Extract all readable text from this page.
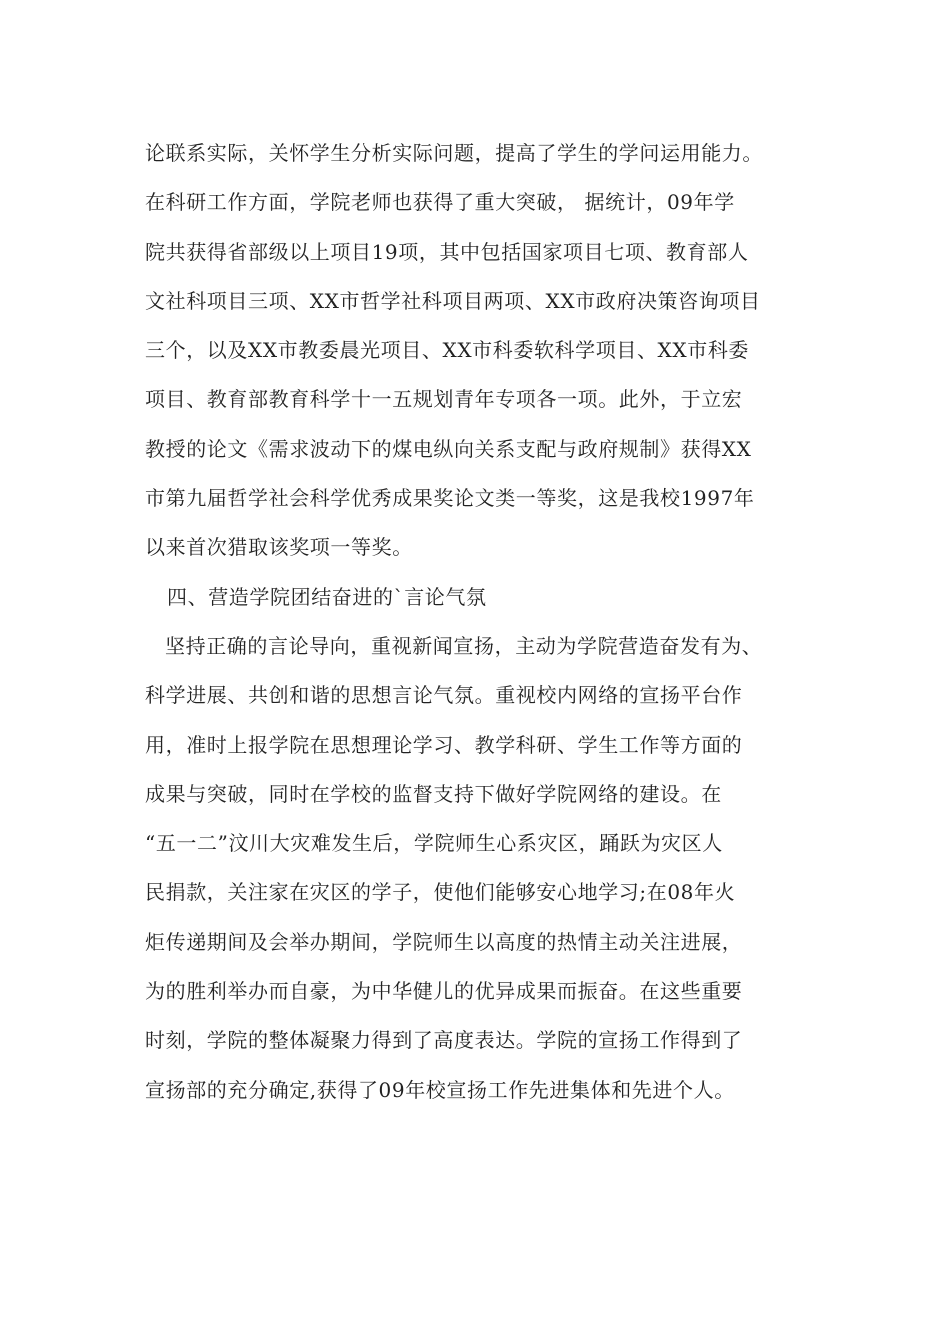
论联系实际，关怀学生分析实际问题，提高了学生的学问运用能力。
在科研工作方面，学院老师也获得了重大突破， 据统计，09年学
院共获得省部级以上项目19项，其中包括国家项目七项、教育部人
文社科项目三项、XX市哲学社科项目两项、XX市政府决策咨询项目
三个，以及XX市教委晨光项目、XX市科委软科学项目、XX市科委
项目、教育部教育科学十一五规划青年专项各一项。此外，于立宏
教授的论文《需求波动下的煤电纵向关系支配与政府规制》获得XX
市第九届哲学社会科学优秀成果奖论文类一等奖，这是我校1997年
以来首次猎取该奖项一等奖。
四、营造学院团结奋进的`言论气氛
坚持正确的言论导向，重视新闻宣扬，主动为学院营造奋发有为、
科学进展、共创和谐的思想言论气氛。重视校内网络的宣扬平台作
用，准时上报学院在思想理论学习、教学科研、学生工作等方面的
成果与突破，同时在学校的监督支持下做好学院网络的建设。在
“五一二”汶川大灾难发生后，学院师生心系灾区，踊跃为灾区人
民捐款，关注家在灾区的学子，使他们能够安心地学习;在08年火
炬传递期间及会举办期间，学院师生以高度的热情主动关注进展，
为的胜利举办而自豪，为中华健儿的优异成果而振奋。在这些重要
时刻，学院的整体凝聚力得到了高度表达。学院的宣扬工作得到了
宣扬部的充分确定,获得了09年校宣扬工作先进集体和先进个人。
